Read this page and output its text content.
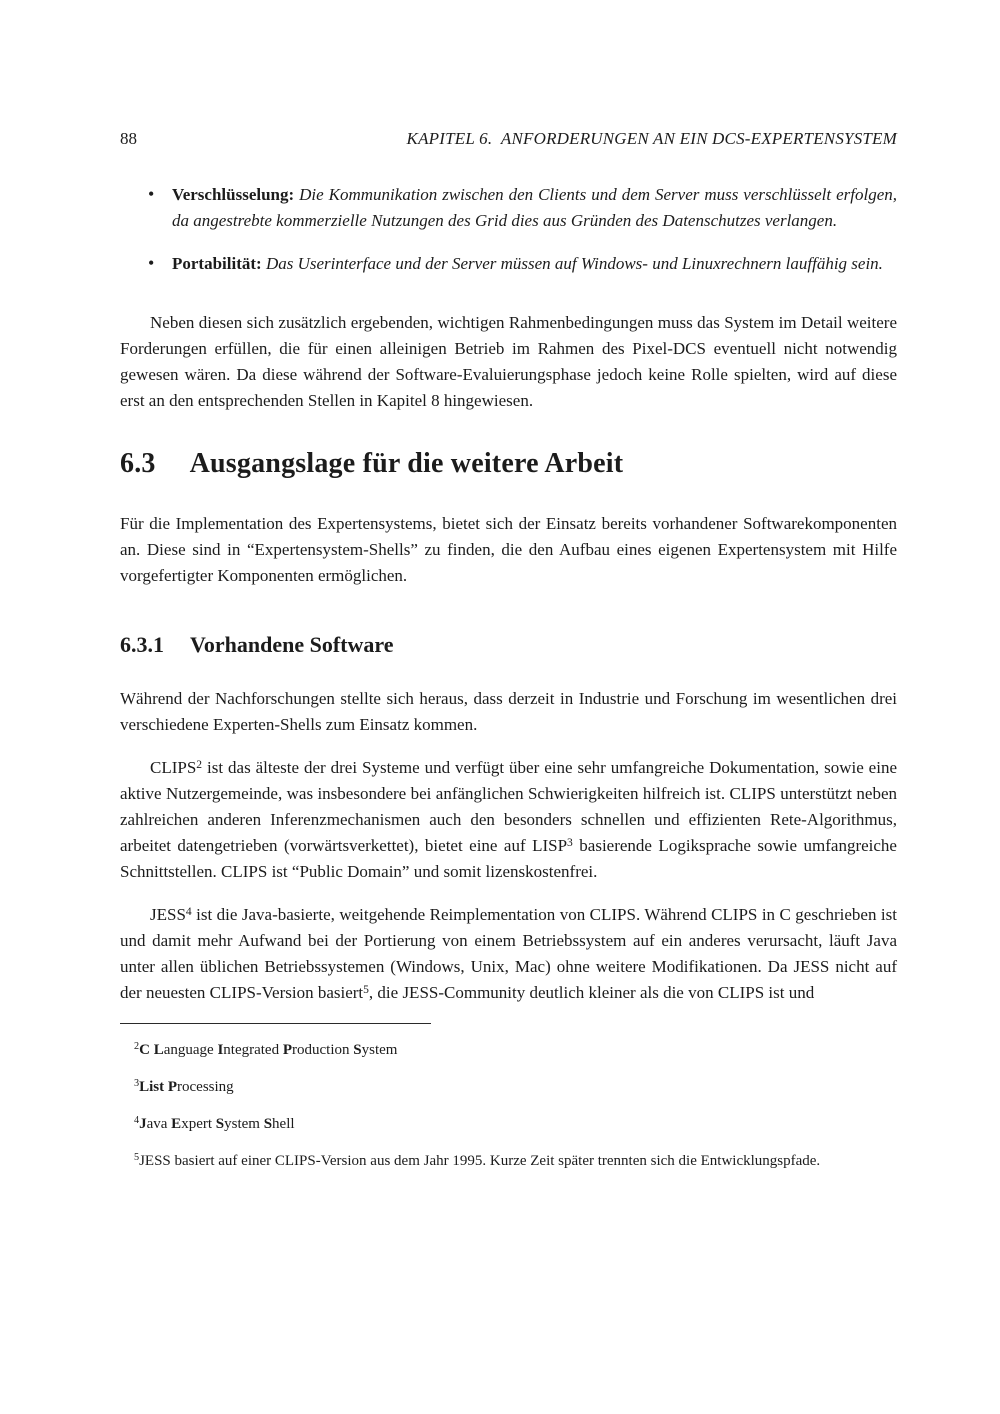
88	KAPITEL 6.  ANFORDERUNGEN AN EIN DCS-EXPERTENSYSTEM
• Verschlüsselung: Die Kommunikation zwischen den Clients und dem Server muss verschlüsselt erfolgen, da angestrebte kommerzielle Nutzungen des Grid dies aus Gründen des Datenschutzes verlangen.
• Portabilität: Das Userinterface und der Server müssen auf Windows- und Linuxrechnern lauffähig sein.

Neben diesen sich zusätzlich ergebenden, wichtigen Rahmenbedingungen muss das System im Detail weitere Forderungen erfüllen, die für einen alleinigen Betrieb im Rahmen des Pixel-DCS eventuell nicht notwendig gewesen wären. Da diese während der Software-Evaluierungsphase jedoch keine Rolle spielten, wird auf diese erst an den entsprechenden Stellen in Kapitel 8 hingewiesen.

6.3 Ausgangslage für die weitere Arbeit

Für die Implementation des Expertensystems, bietet sich der Einsatz bereits vorhandener Softwarekomponenten an. Diese sind in “Expertensystem-Shells” zu finden, die den Aufbau eines eigenen Expertensystem mit Hilfe vorgefertigter Komponenten ermöglichen.

6.3.1 Vorhandene Software

Während der Nachforschungen stellte sich heraus, dass derzeit in Industrie und Forschung im wesentlichen drei verschiedene Experten-Shells zum Einsatz kommen.

CLIPS$^2$ ist das älteste der drei Systeme und verfügt über eine sehr umfangreiche Dokumentation, sowie eine aktive Nutzergemeinde, was insbesondere bei anfänglichen Schwierigkeiten hilfreich ist. CLIPS unterstützt neben zahlreichen anderen Inferenzmechanismen auch den besonders schnellen und effizienten Rete-Algorithmus, arbeitet datengetrieben (vorwärtsverkettet), bietet eine auf LISP$^3$ basierende Logiksprache sowie umfangreiche Schnittstellen. CLIPS ist “Public Domain” und somit lizenskostenfrei.

JESS$^4$ ist die Java-basierte, weitgehende Reimplementation von CLIPS. Während CLIPS in C geschrieben ist und damit mehr Aufwand bei der Portierung von einem Betriebssystem auf ein anderes verursacht, läuft Java unter allen üblichen Betriebssystemen (Windows, Unix, Mac) ohne weitere Modifikationen. Da JESS nicht auf der neuesten CLIPS-Version basiert$^5$, die JESS-Community deutlich kleiner als die von CLIPS ist und

$^2$C Language Integrated Production System

$^3$List Processing

$^4$Java Expert System Shell

$^5$JESS basiert auf einer CLIPS-Version aus dem Jahr 1995. Kurze Zeit später trennten sich die Entwicklungspfade.
